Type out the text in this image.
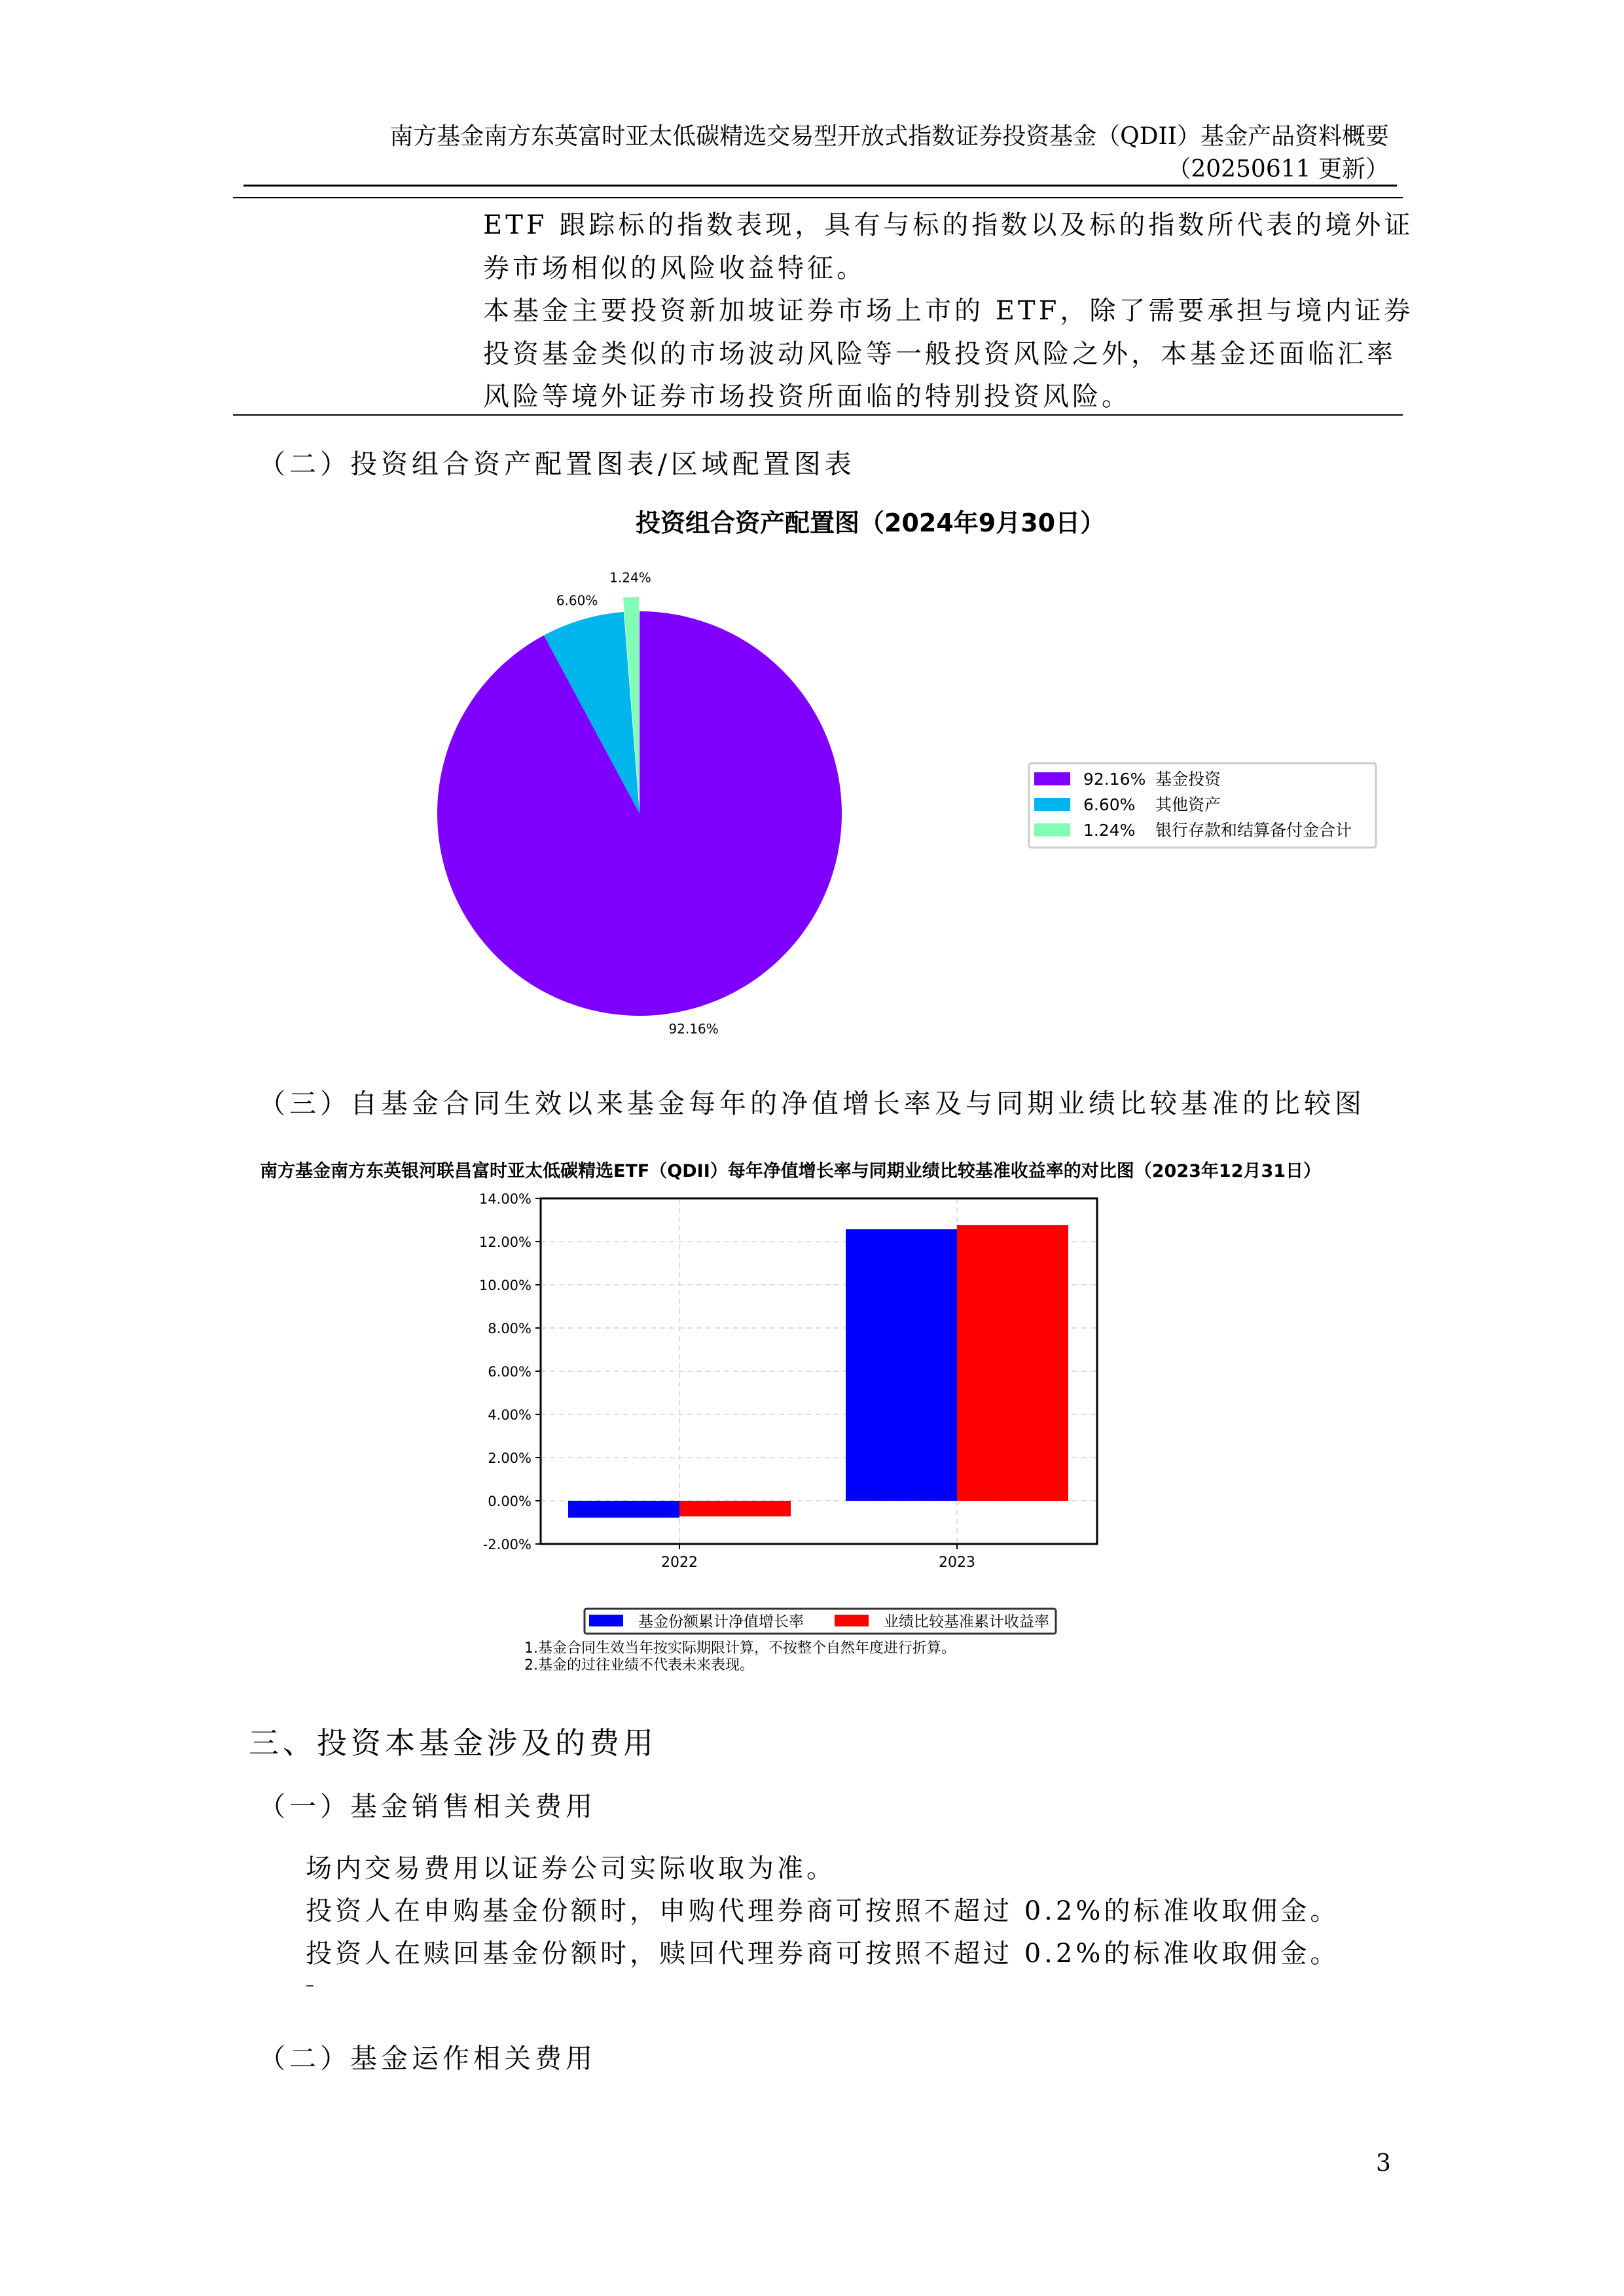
南方基金南方东英富时亚太低碳精选交易型开放式指数证券投资基金（QDII）基金产品资料概要
（20250611 更新）
ETF 跟踪标的指数表现，具有与标的指数以及标的指数所代表的境外证
券市场相似的风险收益特征。
本基金主要投资新加坡证券市场上市的 ETF，除了需要承担与境内证券
投资基金类似的市场波动风险等一般投资风险之外，本基金还面临汇率
风险等境外证券市场投资所面临的特别投资风险。
（二） 投资组合资产配置图表/区域配置图表
投资组合资产配置图（2024年9月30日）
1.24%
6.60%
92.16%
92.16% 基金投资
6.60% 其他资产
1.24% 银行存款和结算备付金合计
（三） 自基金合同生效以来基金每年的净值增长率及与同期业绩比较基准的比较图
南方基金南方东英银河联昌富时亚太低碳精选ETF（QDII）每年净值增长率与同期业绩比较基准收益率的对比图（2023年12月31日）
-2.00%
0.00%
2.00%
4.00%
6.00%
8.00%
10.00%
12.00%
14.00%
2022	2023
基金份额累计净值增长率	业绩比较基准累计收益率
1.基金合同生效当年按实际期限计算，不按整个自然年度进行折算。
2.基金的过往业绩不代表未来表现。
三、投资本基金涉及的费用
（一） 基金销售相关费用
场内交易费用以证券公司实际收取为准。
投资人在申购基金份额时，申购代理券商可按照不超过 0.2%的标准收取佣金。
投资人在赎回基金份额时，赎回代理券商可按照不超过 0.2%的标准收取佣金。
–
（二） 基金运作相关费用
3
